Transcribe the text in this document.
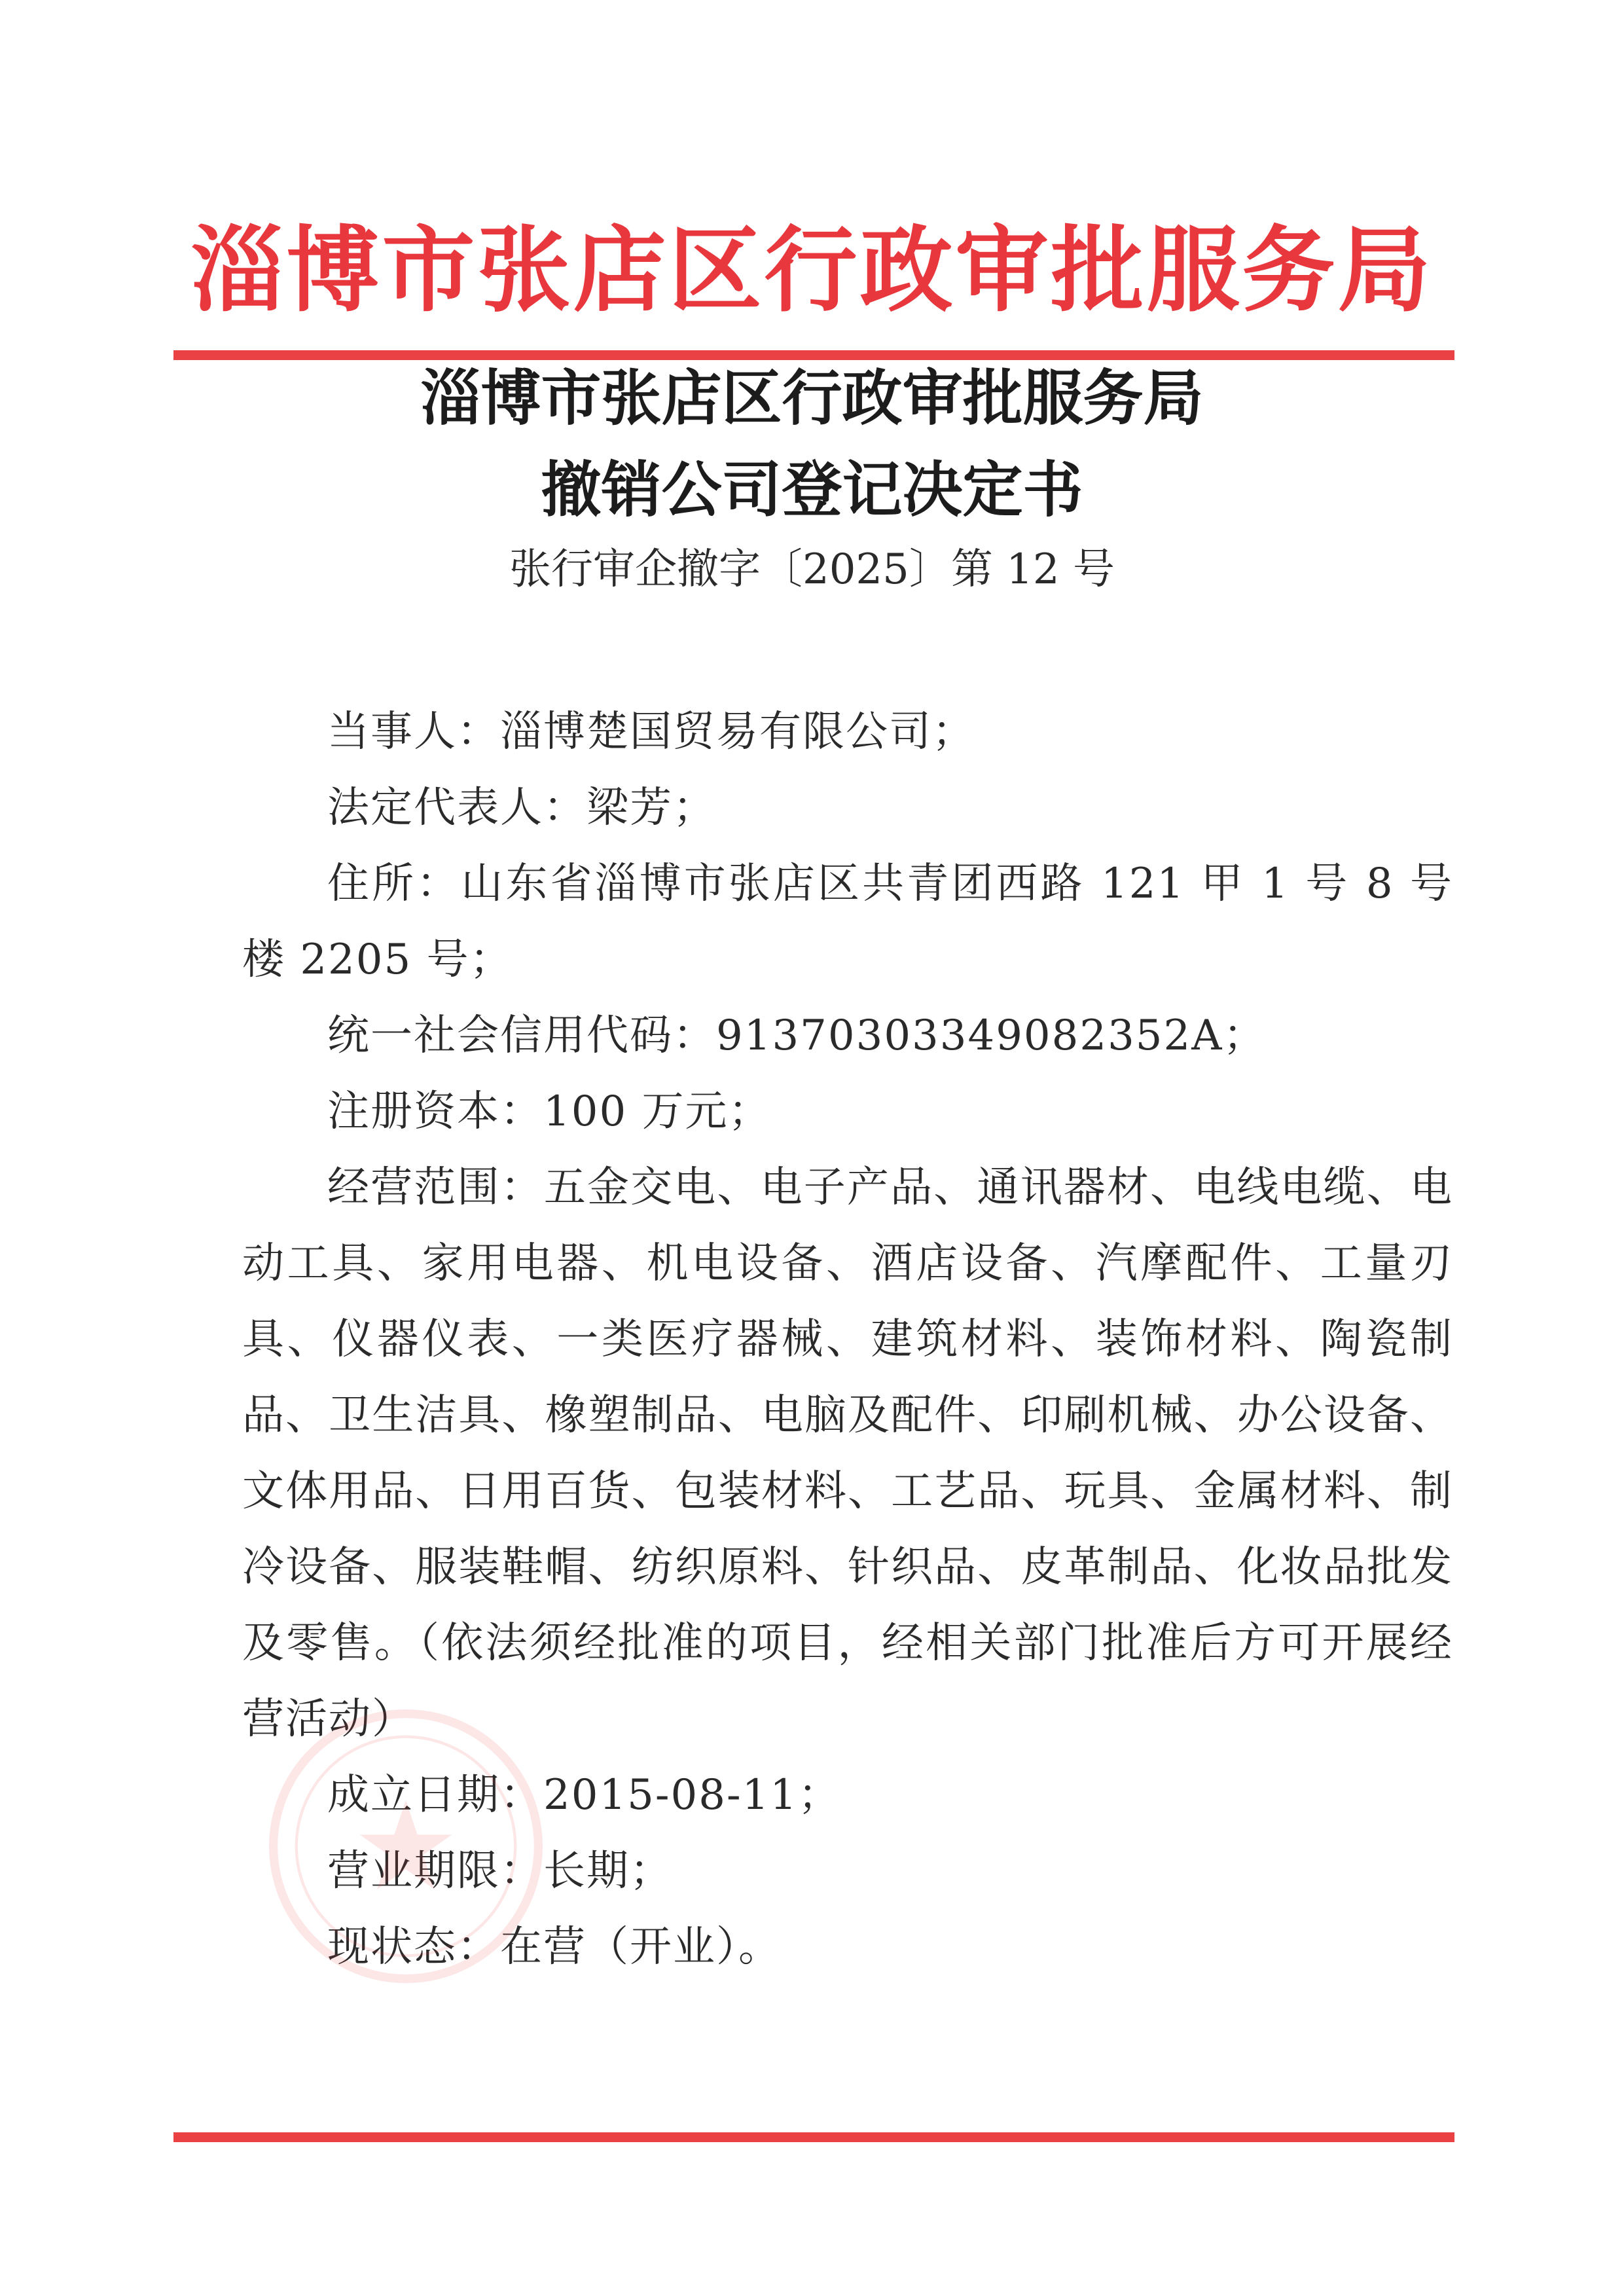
淄博市张店区行政审批服务局
淄博市张店区行政审批服务局
撤销公司登记决定书
张行审企撤字〔2025〕第 12 号

当事人：淄博楚国贸易有限公司；

法定代表人：梁芳；

住所：山东省淄博市张店区共青团西路 121 甲 1 号 8 号楼 2205 号；

统一社会信用代码：91370303349082352A；

注册资本：100 万元；

经营范围：五金交电、电子产品、通讯器材、电线电缆、电动工具、家用电器、机电设备、酒店设备、汽摩配件、工量刃具、仪器仪表、一类医疗器械、建筑材料、装饰材料、陶瓷制品、卫生洁具、橡塑制品、电脑及配件、印刷机械、办公设备、文体用品、日用百货、包装材料、工艺品、玩具、金属材料、制冷设备、服装鞋帽、纺织原料、针织品、皮革制品、化妆品批发及零售。（依法须经批准的项目，经相关部门批准后方可开展经营活动）

成立日期：2015-08-11；

营业期限：长期；

现状态：在营（开业）。
